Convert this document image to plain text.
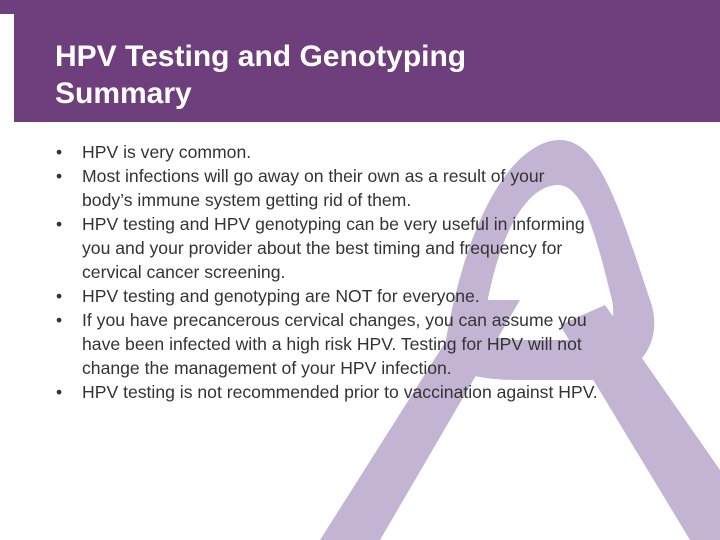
HPV Testing and Genotyping
Summary
• HPV is very common.
• Most infections will go away on their own as a result of your
body’s immune system getting rid of them.
• HPV testing and HPV genotyping can be very useful in informing
you and your provider about the best timing and frequency for
cervical cancer screening.
• HPV testing and genotyping are NOT for everyone.
• If you have precancerous cervical changes, you can assume you
have been infected with a high risk HPV. Testing for HPV will not
change the management of your HPV infection.
• HPV testing is not recommended prior to vaccination against HPV.
